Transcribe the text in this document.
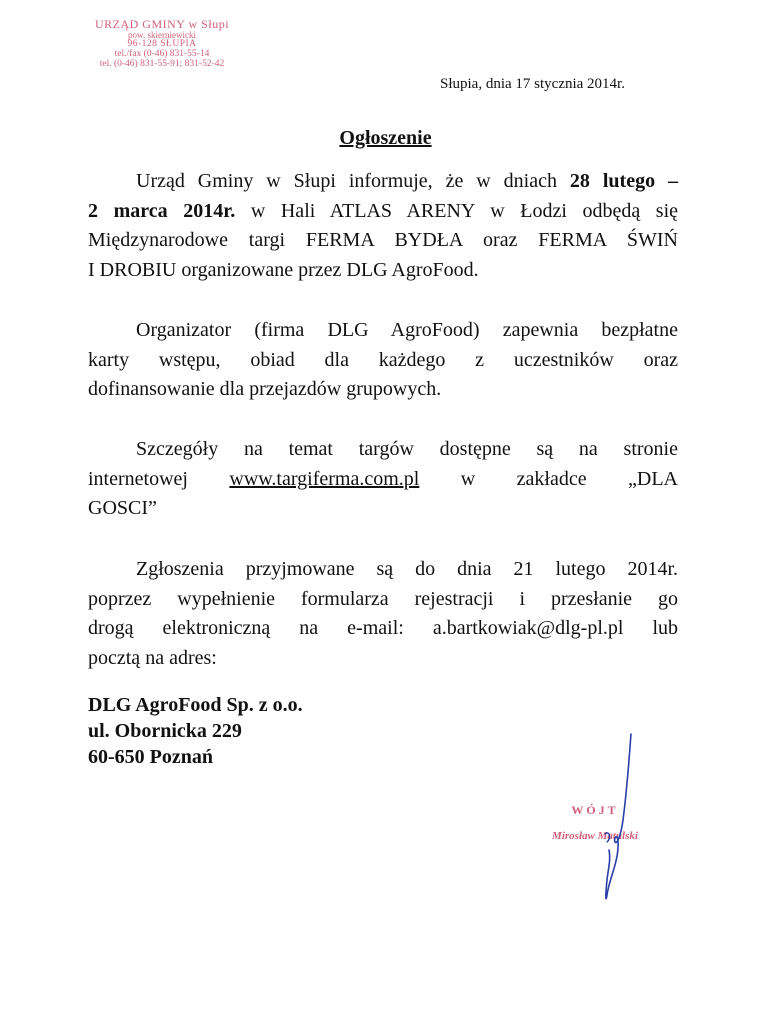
URZĄD GMINY w Słupi
pow. skierniewicki
96-128 SŁUPIA
tel./fax (0-46) 831-55-14
tel. (0-46) 831-55-91; 831-52-42
Słupia, dnia 17 stycznia 2014r.
Ogłoszenie
Urząd Gminy w Słupi informuje, że w dniach 28 lutego –
2 marca 2014r. w Hali ATLAS ARENY w Łodzi odbędą się
Międzynarodowe targi FERMA BYDŁA oraz FERMA ŚWIŃ
I DROBIU organizowane przez DLG AgroFood.
Organizator (firma DLG AgroFood) zapewnia bezpłatne
karty wstępu, obiad dla każdego z uczestników oraz
dofinansowanie dla przejazdów grupowych.
Szczegóły na temat targów dostępne są na stronie
internetowej www.targiferma.com.pl w zakładce „DLA
GOSCI”
Zgłoszenia przyjmowane są do dnia 21 lutego 2014r.
poprzez wypełnienie formularza rejestracji i przesłanie go
drogą elektroniczną na e-mail: a.bartkowiak@dlg-pl.pl lub
pocztą na adres:
DLG AgroFood Sp. z o.o.
ul. Obornicka 229
60-650 Poznań
WÓJT
Mirosław Matulski
